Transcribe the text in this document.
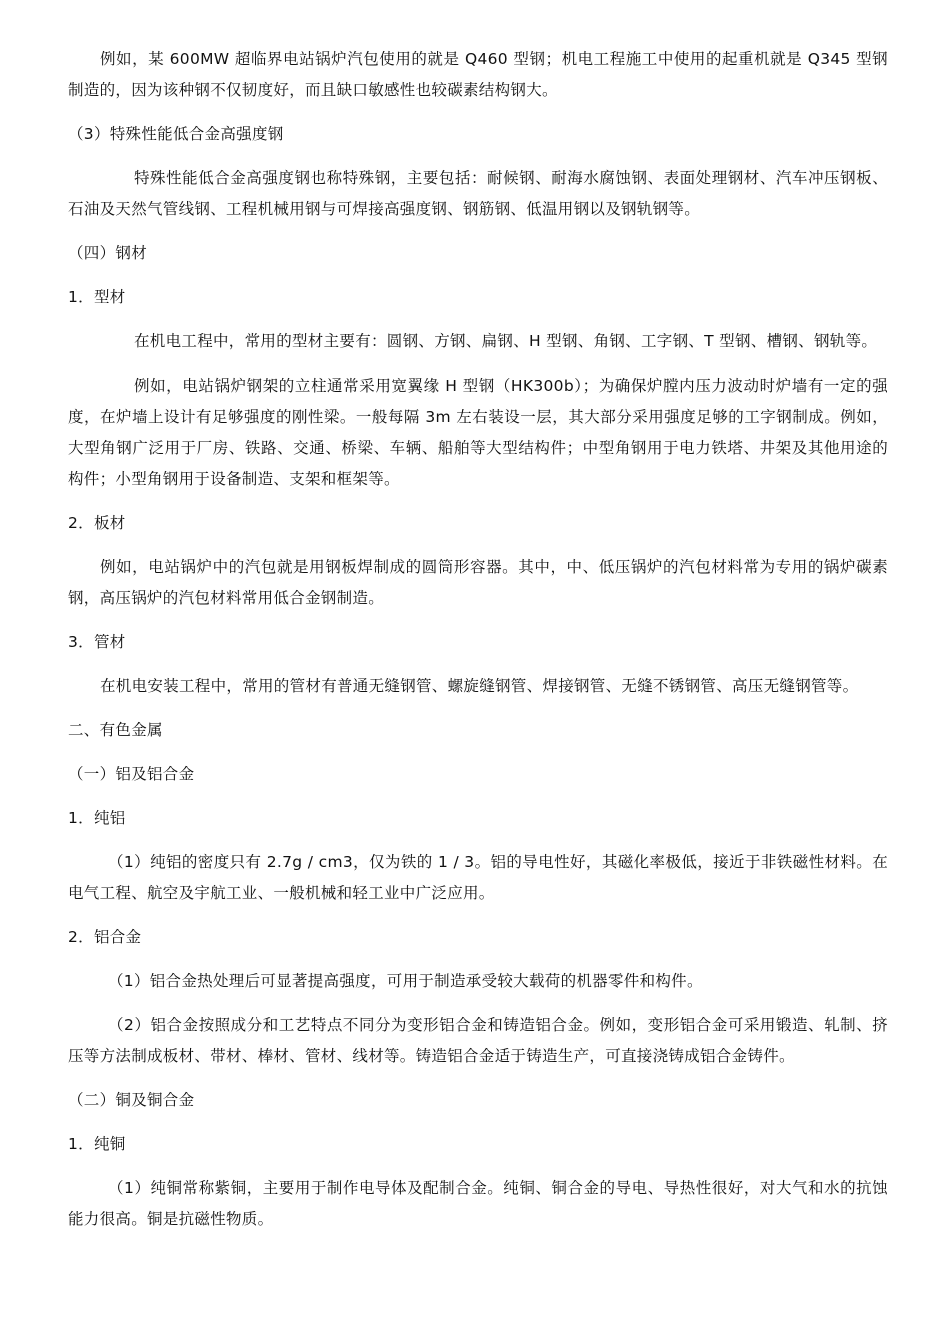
例如，某 600MW 超临界电站锅炉汽包使用的就是 Q460 型钢；机电工程施工中使用的起重机就是 Q345 型钢制造的，因为该种钢不仅韧度好，而且缺口敏感性也较碳素结构钢大。

（3）特殊性能低合金高强度钢

特殊性能低合金高强度钢也称特殊钢，主要包括：耐候钢、耐海水腐蚀钢、表面处理钢材、汽车冲压钢板、石油及天然气管线钢、工程机械用钢与可焊接高强度钢、钢筋钢、低温用钢以及钢轨钢等。

（四）钢材

1．型材

在机电工程中，常用的型材主要有：圆钢、方钢、扁钢、H 型钢、角钢、工字钢、T 型钢、槽钢、钢轨等。

例如，电站锅炉钢架的立柱通常采用宽翼缘 H 型钢（HK300b）；为确保炉膛内压力波动时炉墙有一定的强度，在炉墙上设计有足够强度的刚性梁。一般每隔 3m 左右装设一层，其大部分采用强度足够的工字钢制成。例如，大型角钢广泛用于厂房、铁路、交通、桥梁、车辆、船舶等大型结构件；中型角钢用于电力铁塔、井架及其他用途的构件；小型角钢用于设备制造、支架和框架等。

2．板材

例如，电站锅炉中的汽包就是用钢板焊制成的圆筒形容器。其中，中、低压锅炉的汽包材料常为专用的锅炉碳素钢，高压锅炉的汽包材料常用低合金钢制造。

3．管材

在机电安装工程中，常用的管材有普通无缝钢管、螺旋缝钢管、焊接钢管、无缝不锈钢管、高压无缝钢管等。

二、有色金属

（一）铝及铝合金

1．纯铝

（1）纯铝的密度只有 2.7g / cm3，仅为铁的 1 / 3。铝的导电性好，其磁化率极低，接近于非铁磁性材料。在电气工程、航空及宇航工业、一般机械和轻工业中广泛应用。

2．铝合金

（1）铝合金热处理后可显著提高强度，可用于制造承受较大载荷的机器零件和构件。

（2）铝合金按照成分和工艺特点不同分为变形铝合金和铸造铝合金。例如，变形铝合金可采用锻造、轧制、挤压等方法制成板材、带材、棒材、管材、线材等。铸造铝合金适于铸造生产，可直接浇铸成铝合金铸件。

（二）铜及铜合金

1．纯铜

（1）纯铜常称紫铜，主要用于制作电导体及配制合金。纯铜、铜合金的导电、导热性很好，对大气和水的抗蚀能力很高。铜是抗磁性物质。
